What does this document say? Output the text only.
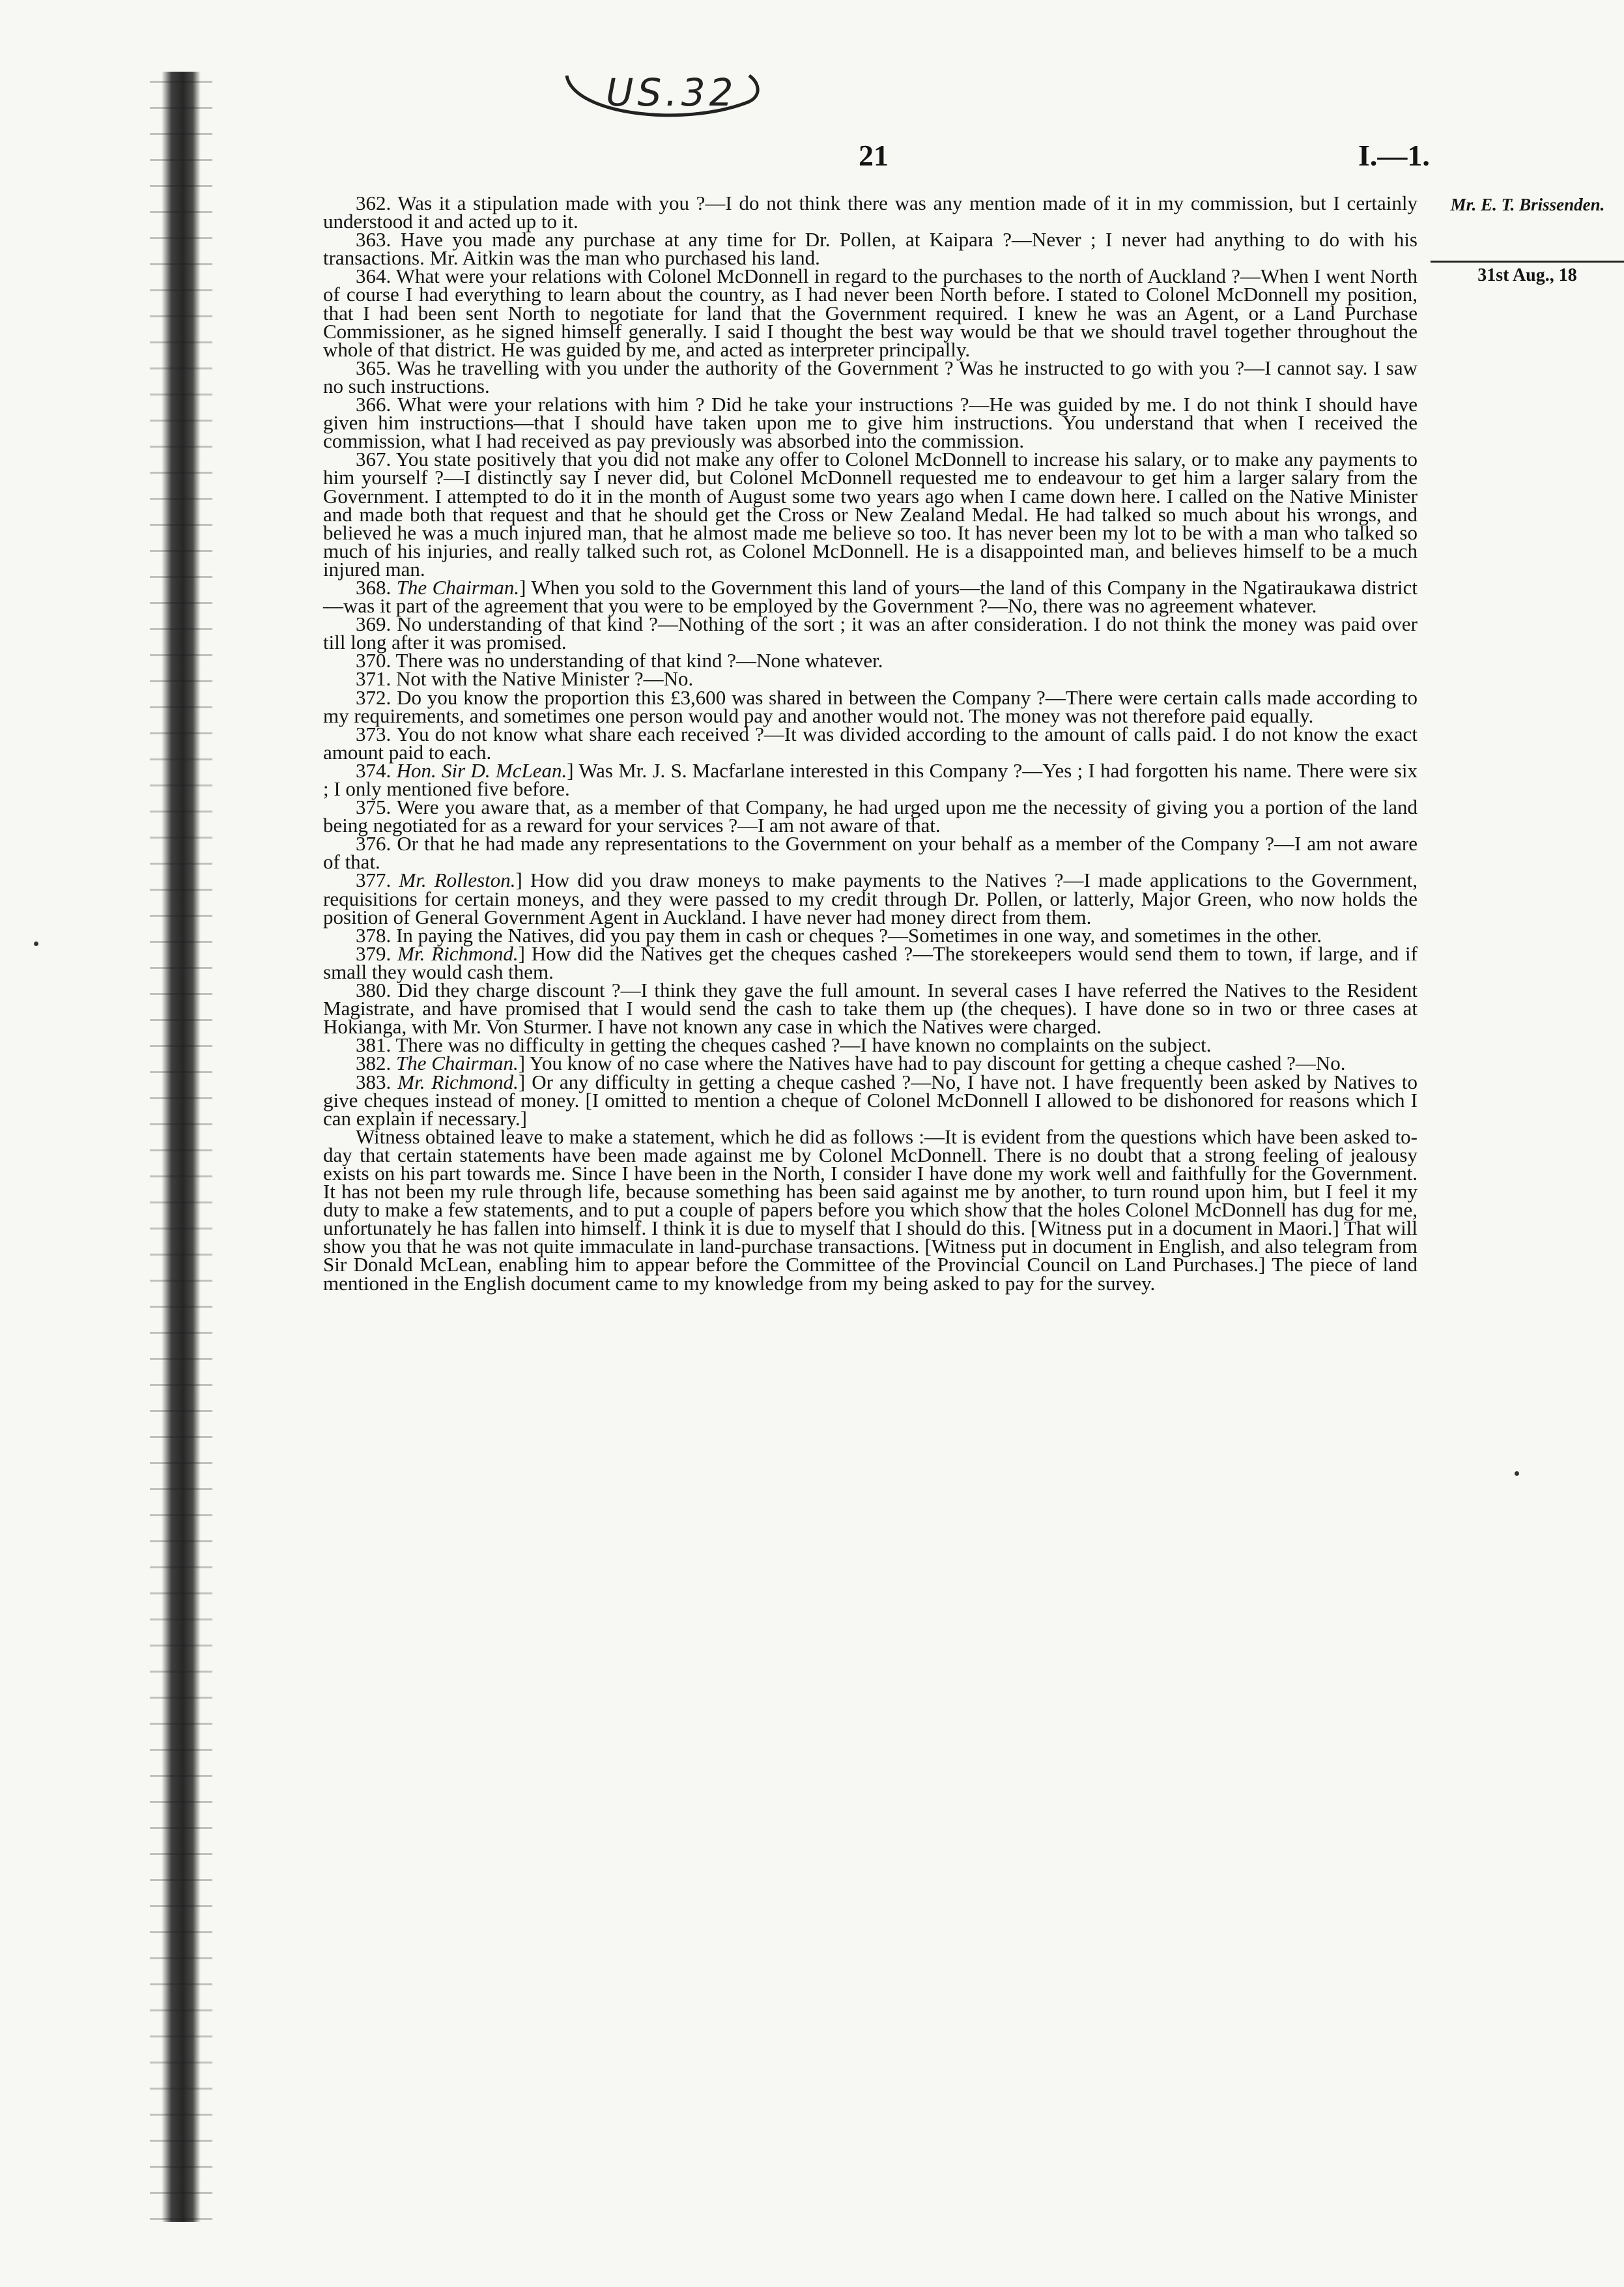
US.32
21	I.—1.
Mr. E. T. Brissenden.
31st Aug., 18

362. Was it a stipulation made with you ?—I do not think there was any mention made of it in my commission, but I certainly understood it and acted up to it.

363. Have you made any purchase at any time for Dr. Pollen, at Kaipara ?—Never ; I never had anything to do with his transactions. Mr. Aitkin was the man who purchased his land.

364. What were your relations with Colonel McDonnell in regard to the purchases to the north of Auckland ?—When I went North of course I had everything to learn about the country, as I had never been North before. I stated to Colonel McDonnell my position, that I had been sent North to negotiate for land that the Government required. I knew he was an Agent, or a Land Purchase Commissioner, as he signed himself generally. I said I thought the best way would be that we should travel together throughout the whole of that district. He was guided by me, and acted as interpreter principally.

365. Was he travelling with you under the authority of the Government ? Was he instructed to go with you ?—I cannot say. I saw no such instructions.

366. What were your relations with him ? Did he take your instructions ?—He was guided by me. I do not think I should have given him instructions—that I should have taken upon me to give him instructions. You understand that when I received the commission, what I had received as pay previously was absorbed into the commission.

367. You state positively that you did not make any offer to Colonel McDonnell to increase his salary, or to make any payments to him yourself ?—I distinctly say I never did, but Colonel McDonnell requested me to endeavour to get him a larger salary from the Government. I attempted to do it in the month of August some two years ago when I came down here. I called on the Native Minister and made both that request and that he should get the Cross or New Zealand Medal. He had talked so much about his wrongs, and believed he was a much injured man, that he almost made me believe so too. It has never been my lot to be with a man who talked so much of his injuries, and really talked such rot, as Colonel McDonnell. He is a disappointed man, and believes himself to be a much injured man.

368. The Chairman.] When you sold to the Government this land of yours—the land of this Company in the Ngatiraukawa district—was it part of the agreement that you were to be employed by the Government ?—No, there was no agreement whatever.

369. No understanding of that kind ?—Nothing of the sort ; it was an after consideration. I do not think the money was paid over till long after it was promised.

370. There was no understanding of that kind ?—None whatever.

371. Not with the Native Minister ?—No.

372. Do you know the proportion this £3,600 was shared in between the Company ?—There were certain calls made according to my requirements, and sometimes one person would pay and another would not. The money was not therefore paid equally.

373. You do not know what share each received ?—It was divided according to the amount of calls paid. I do not know the exact amount paid to each.

374. Hon. Sir D. McLean.] Was Mr. J. S. Macfarlane interested in this Company ?—Yes ; I had forgotten his name. There were six ; I only mentioned five before.

375. Were you aware that, as a member of that Company, he had urged upon me the necessity of giving you a portion of the land being negotiated for as a reward for your services ?—I am not aware of that.

376. Or that he had made any representations to the Government on your behalf as a member of the Company ?—I am not aware of that.

377. Mr. Rolleston.] How did you draw moneys to make payments to the Natives ?—I made applications to the Government, requisitions for certain moneys, and they were passed to my credit through Dr. Pollen, or latterly, Major Green, who now holds the position of General Government Agent in Auckland. I have never had money direct from them.

378. In paying the Natives, did you pay them in cash or cheques ?—Sometimes in one way, and sometimes in the other.

379. Mr. Richmond.] How did the Natives get the cheques cashed ?—The storekeepers would send them to town, if large, and if small they would cash them.

380. Did they charge discount ?—I think they gave the full amount. In several cases I have referred the Natives to the Resident Magistrate, and have promised that I would send the cash to take them up (the cheques). I have done so in two or three cases at Hokianga, with Mr. Von Sturmer. I have not known any case in which the Natives were charged.

381. There was no difficulty in getting the cheques cashed ?—I have known no complaints on the subject.

382. The Chairman.] You know of no case where the Natives have had to pay discount for getting a cheque cashed ?—No.

383. Mr. Richmond.] Or any difficulty in getting a cheque cashed ?—No, I have not. I have frequently been asked by Natives to give cheques instead of money. [I omitted to mention a cheque of Colonel McDonnell I allowed to be dishonored for reasons which I can explain if necessary.]

Witness obtained leave to make a statement, which he did as follows :—It is evident from the questions which have been asked to-day that certain statements have been made against me by Colonel McDonnell. There is no doubt that a strong feeling of jealousy exists on his part towards me. Since I have been in the North, I consider I have done my work well and faithfully for the Government. It has not been my rule through life, because something has been said against me by another, to turn round upon him, but I feel it my duty to make a few statements, and to put a couple of papers before you which show that the holes Colonel McDonnell has dug for me, unfortunately he has fallen into himself. I think it is due to myself that I should do this. [Witness put in a document in Maori.] That will show you that he was not quite immaculate in land-purchase transactions. [Witness put in document in English, and also telegram from Sir Donald McLean, enabling him to appear before the Committee of the Provincial Council on Land Purchases.] The piece of land mentioned in the English document came to my knowledge from my being asked to pay for the survey.
